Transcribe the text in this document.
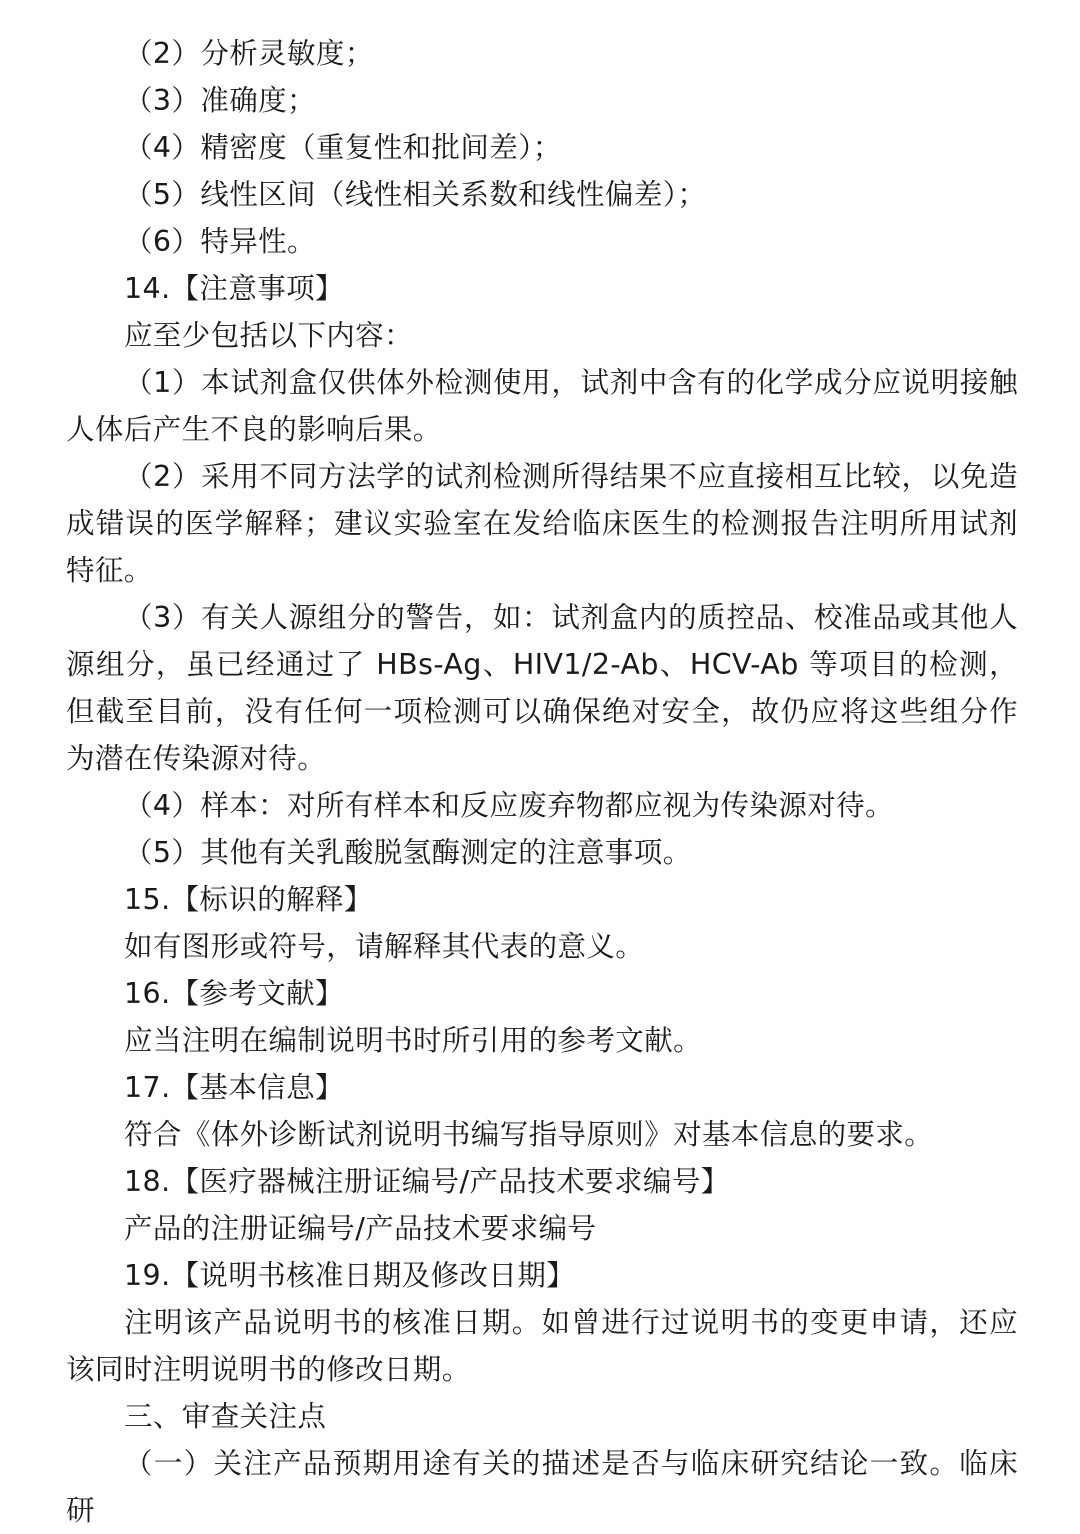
（2）分析灵敏度；

（3）准确度；

（4）精密度（重复性和批间差）；

（5）线性区间（线性相关系数和线性偏差）；

（6）特异性。

14.【注意事项】

应至少包括以下内容：

（1）本试剂盒仅供体外检测使用，试剂中含有的化学成分应说明接触人体后产生不良的影响后果。

（2）采用不同方法学的试剂检测所得结果不应直接相互比较，以免造成错误的医学解释；建议实验室在发给临床医生的检测报告注明所用试剂特征。

（3）有关人源组分的警告，如：试剂盒内的质控品、校准品或其他人源组分，虽已经通过了 HBs-Ag、HIV1/2-Ab、HCV-Ab 等项目的检测，但截至目前，没有任何一项检测可以确保绝对安全，故仍应将这些组分作为潜在传染源对待。

（4）样本：对所有样本和反应废弃物都应视为传染源对待。

（5）其他有关乳酸脱氢酶测定的注意事项。

15.【标识的解释】

如有图形或符号，请解释其代表的意义。

16.【参考文献】

应当注明在编制说明书时所引用的参考文献。

17.【基本信息】

符合《体外诊断试剂说明书编写指导原则》对基本信息的要求。

18.【医疗器械注册证编号/产品技术要求编号】

产品的注册证编号/产品技术要求编号

19.【说明书核准日期及修改日期】

注明该产品说明书的核准日期。如曾进行过说明书的变更申请，还应该同时注明说明书的修改日期。

三、审查关注点

（一）关注产品预期用途有关的描述是否与临床研究结论一致。临床研
